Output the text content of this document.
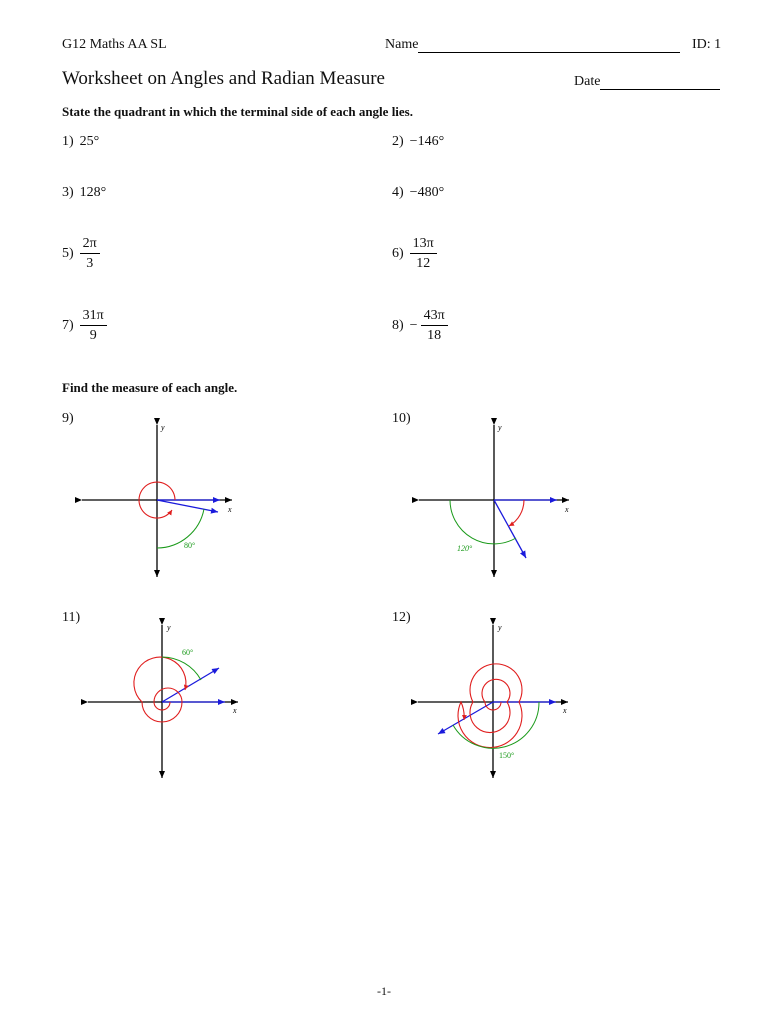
G12 Maths AA SL	Name	ID: 1
Worksheet on Angles and Radian Measure	Date
State the quadrant in which the terminal side of each angle lies.
1) 25°	2) −146°
3) 128°	4) −480°
$5) \frac{2\pi}{3}$	$6) \frac{13\pi}{12}$
$7) \frac{31\pi}{9}$	$8) - \frac{43\pi}{18}$
Find the measure of each angle.
9)	10)
11)	12)
x
y
80°
x
y
120°
x
y
60°
x
y
150°
-1-
